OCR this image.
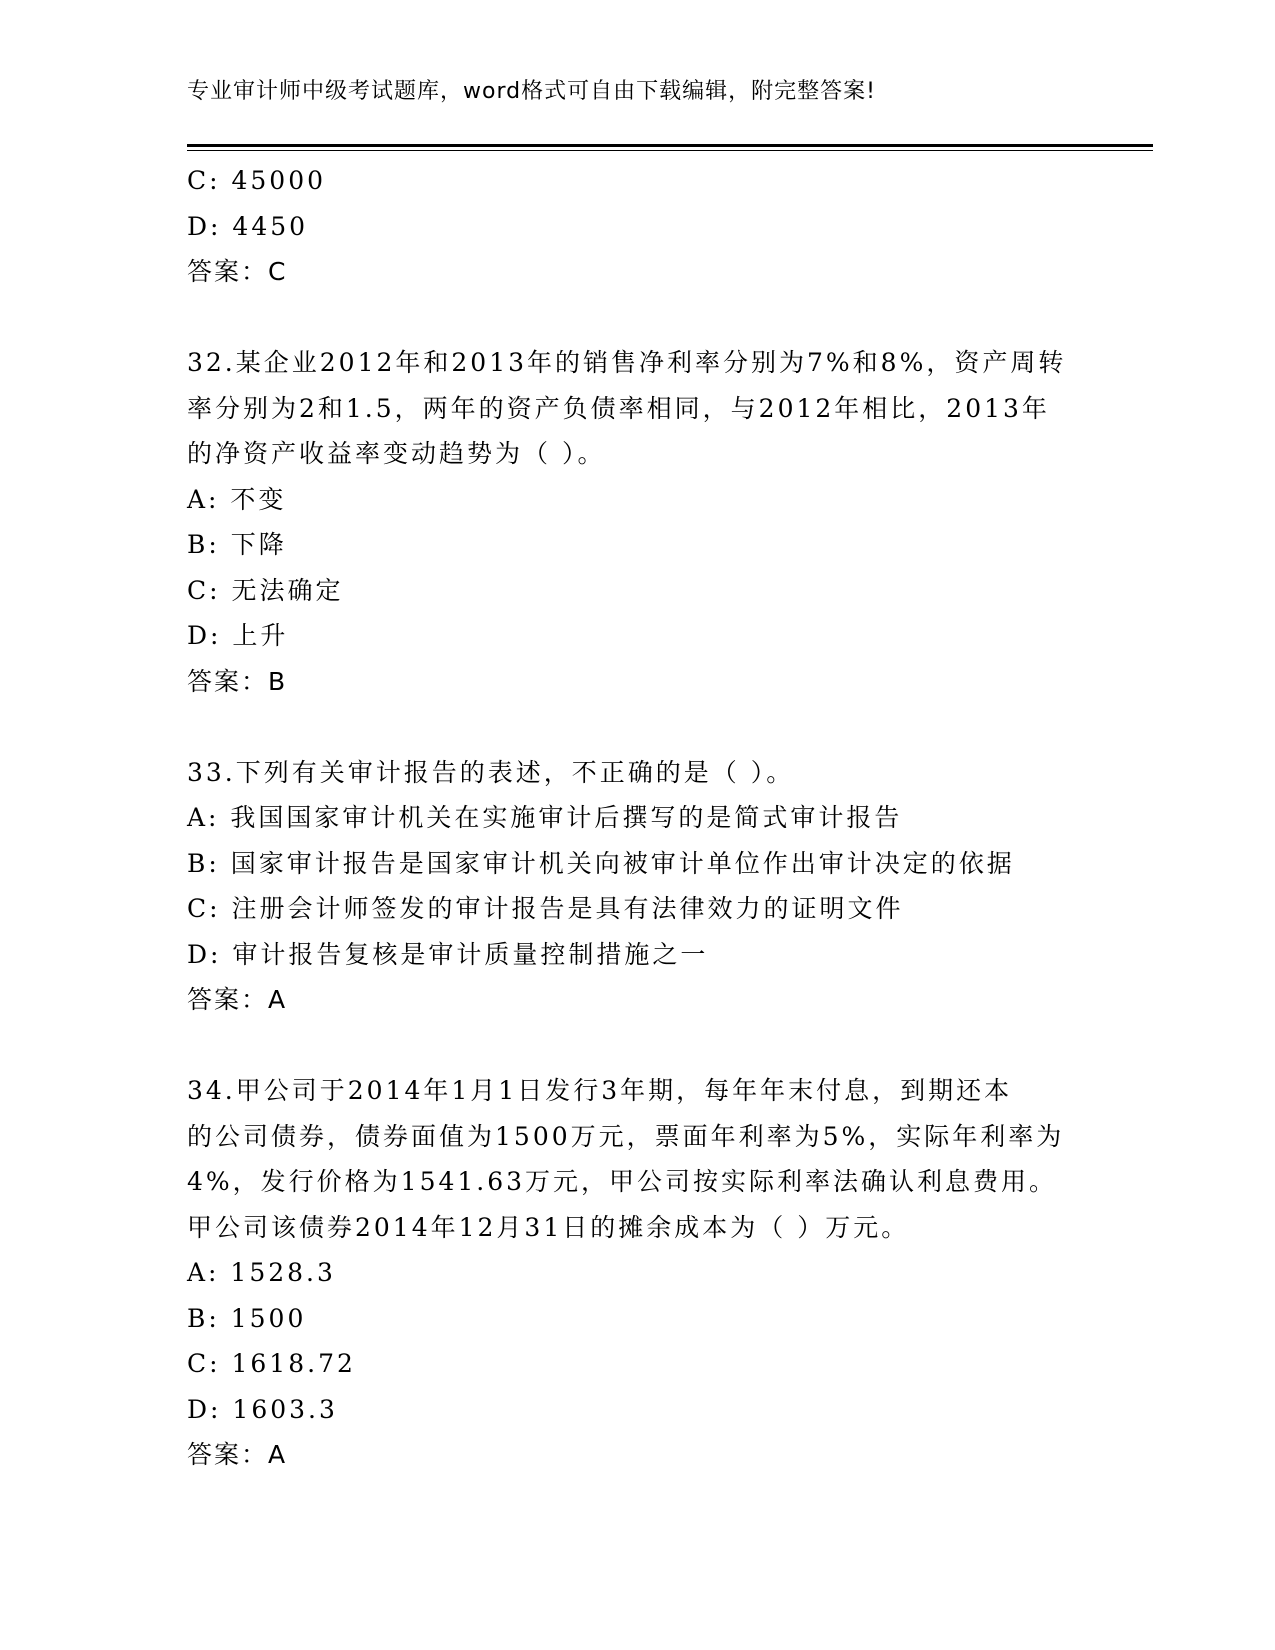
专业审计师中级考试题库，word格式可自由下载编辑，附完整答案!
C: 45000
D: 4450
答案：C
32.某企业2012年和2013年的销售净利率分别为7%和8%，资产周转
率分别为2和1.5，两年的资产负债率相同，与2012年相比，2013年
的净资产收益率变动趋势为（ ）。
A: 不变
B: 下降
C: 无法确定
D: 上升
答案：B
33.下列有关审计报告的表述，不正确的是（ ）。
A: 我国国家审计机关在实施审计后撰写的是简式审计报告
B: 国家审计报告是国家审计机关向被审计单位作出审计决定的依据
C: 注册会计师签发的审计报告是具有法律效力的证明文件
D: 审计报告复核是审计质量控制措施之一
答案：A
34.甲公司于2014年1月1日发行3年期，每年年末付息，到期还本
的公司债券，债券面值为1500万元，票面年利率为5%，实际年利率为
4%，发行价格为1541.63万元，甲公司按实际利率法确认利息费用。
甲公司该债券2014年12月31日的摊余成本为（ ）万元。
A: 1528.3
B: 1500
C: 1618.72
D: 1603.3
答案：A
